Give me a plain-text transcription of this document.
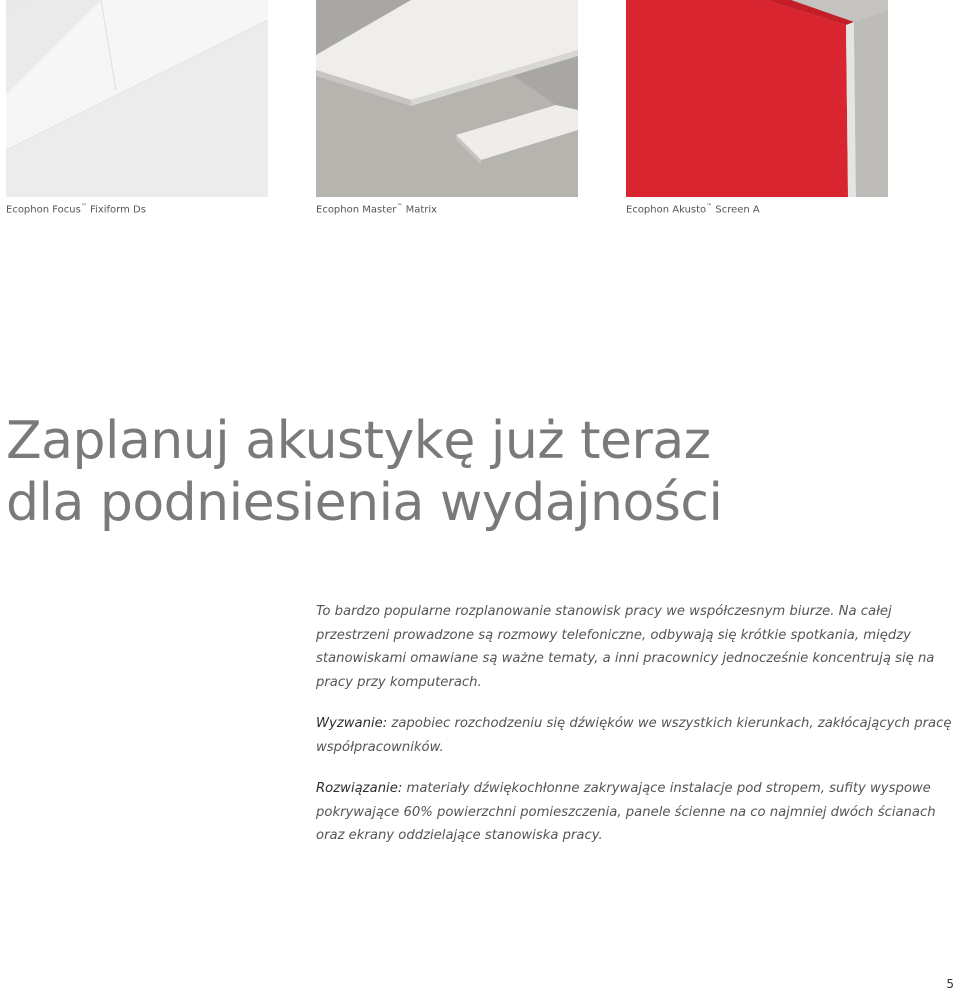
Ecophon Focus™ Fixiform Ds	Ecophon Master™ Matrix	Ecophon Akusto™ Screen A
Zaplanuj akustykę już teraz
dla podniesienia wydajności

To bardzo popularne rozplanowanie stanowisk pracy we współczesnym biurze. Na całej przestrzeni prowadzone są rozmowy telefoniczne, odbywają się krótkie spotkania, między stanowiskami omawiane są ważne tematy, a inni pracownicy jednocześnie koncentrują się na pracy przy komputerach.

Wyzwanie: zapobiec rozchodzeniu się dźwięków we wszystkich kierunkach, zakłócających pracę współpracowników.

Rozwiązanie: materiały dźwiękochłonne zakrywające instalacje pod stropem, sufity wyspowe pokrywające 60% powierzchni pomieszczenia, panele ścienne na co najmniej dwóch ścianach oraz ekrany oddzielające stanowiska pracy.

5
